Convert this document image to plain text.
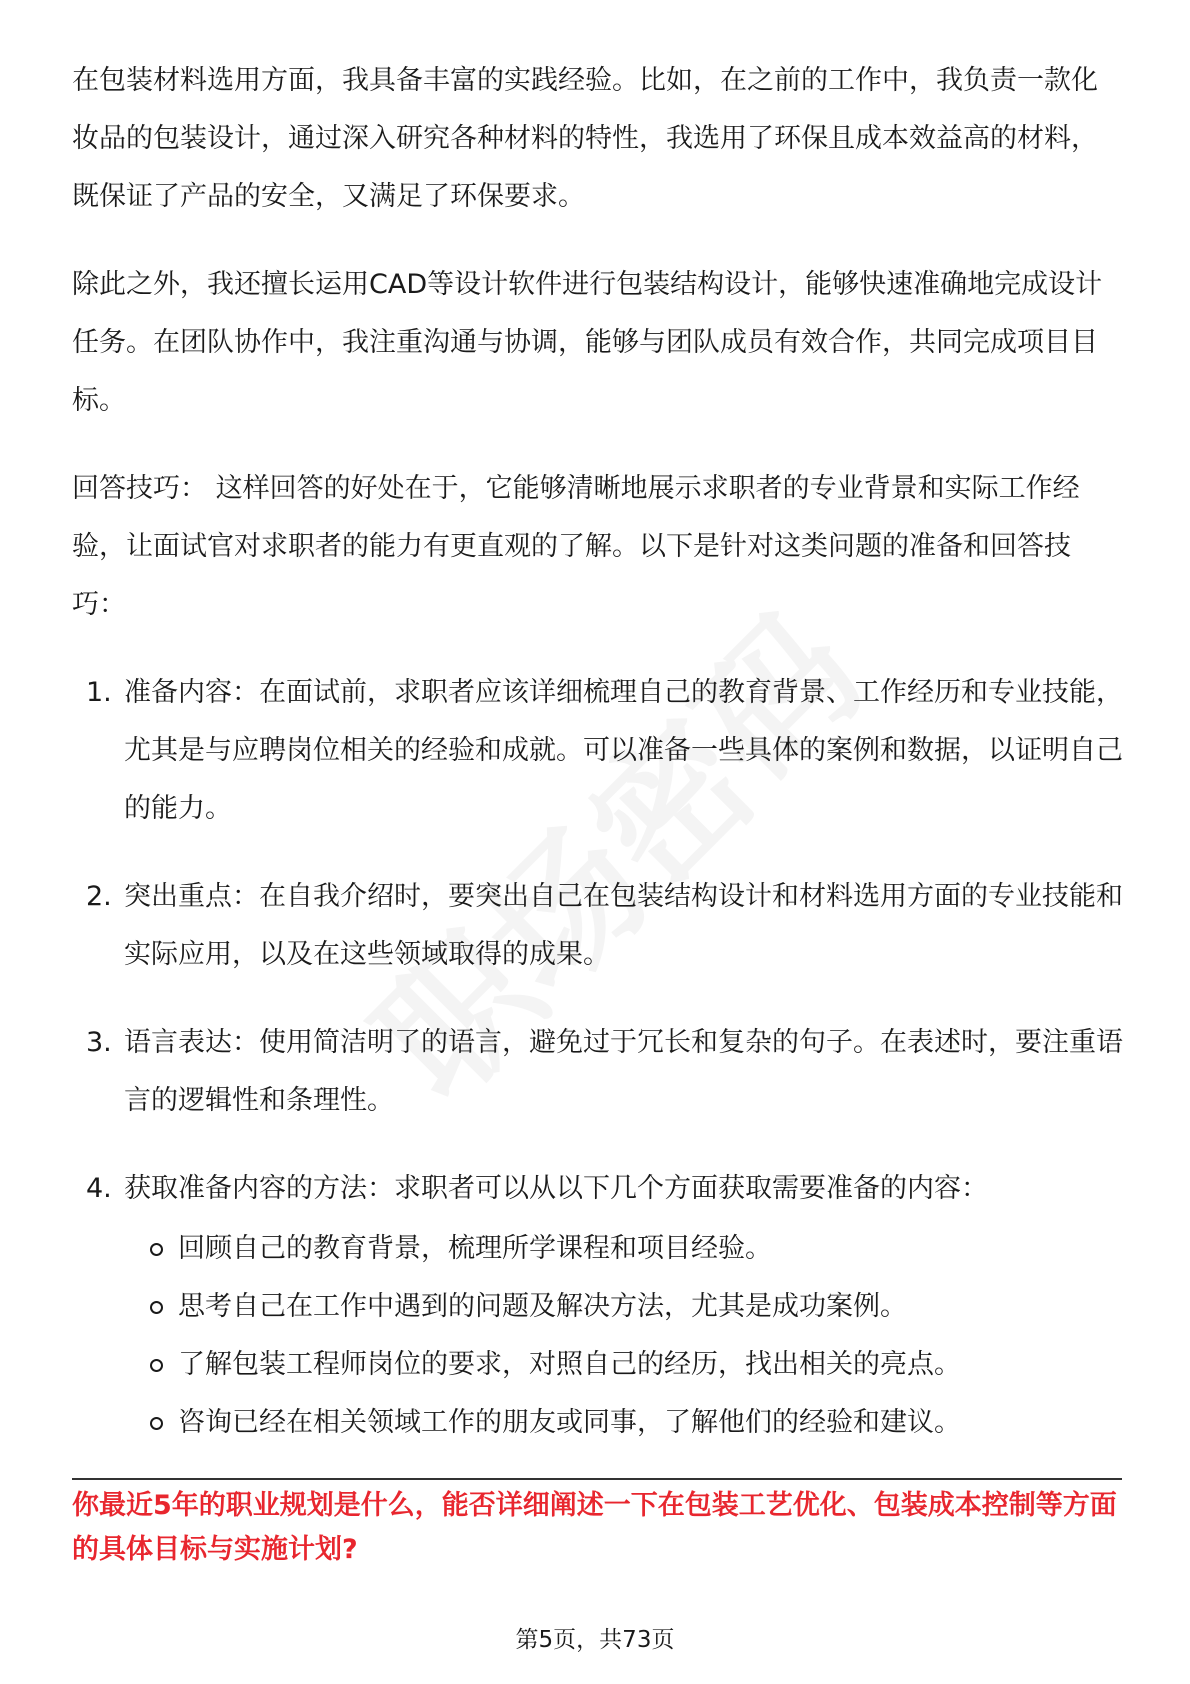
在包装材料选用方面，我具备丰富的实践经验。比如，在之前的工作中，我负责一款化妆品的包装设计，通过深入研究各种材料的特性，我选用了环保且成本效益高的材料，既保证了产品的安全，又满足了环保要求。

除此之外，我还擅长运用CAD等设计软件进行包装结构设计，能够快速准确地完成设计任务。在团队协作中，我注重沟通与协调，能够与团队成员有效合作，共同完成项目目标。

回答技巧： 这样回答的好处在于，它能够清晰地展示求职者的专业背景和实际工作经验，让面试官对求职者的能力有更直观的了解。以下是针对这类问题的准备和回答技巧：

1. 准备内容：在面试前，求职者应该详细梳理自己的教育背景、工作经历和专业技能，尤其是与应聘岗位相关的经验和成就。可以准备一些具体的案例和数据，以证明自己的能力。
2. 突出重点：在自我介绍时，要突出自己在包装结构设计和材料选用方面的专业技能和实际应用，以及在这些领域取得的成果。
3. 语言表达：使用简洁明了的语言，避免过于冗长和复杂的句子。在表述时，要注重语言的逻辑性和条理性。
4. 获取准备内容的方法：求职者可以从以下几个方面获取需要准备的内容：
回顾自己的教育背景，梳理所学课程和项目经验。
思考自己在工作中遇到的问题及解决方法，尤其是成功案例。
了解包装工程师岗位的要求，对照自己的经历，找出相关的亮点。
咨询已经在相关领域工作的朋友或同事，了解他们的经验和建议。

你最近5年的职业规划是什么，能否详细阐述一下在包装工艺优化、包装成本控制等方面的具体目标与实施计划?

第5页，共73页
